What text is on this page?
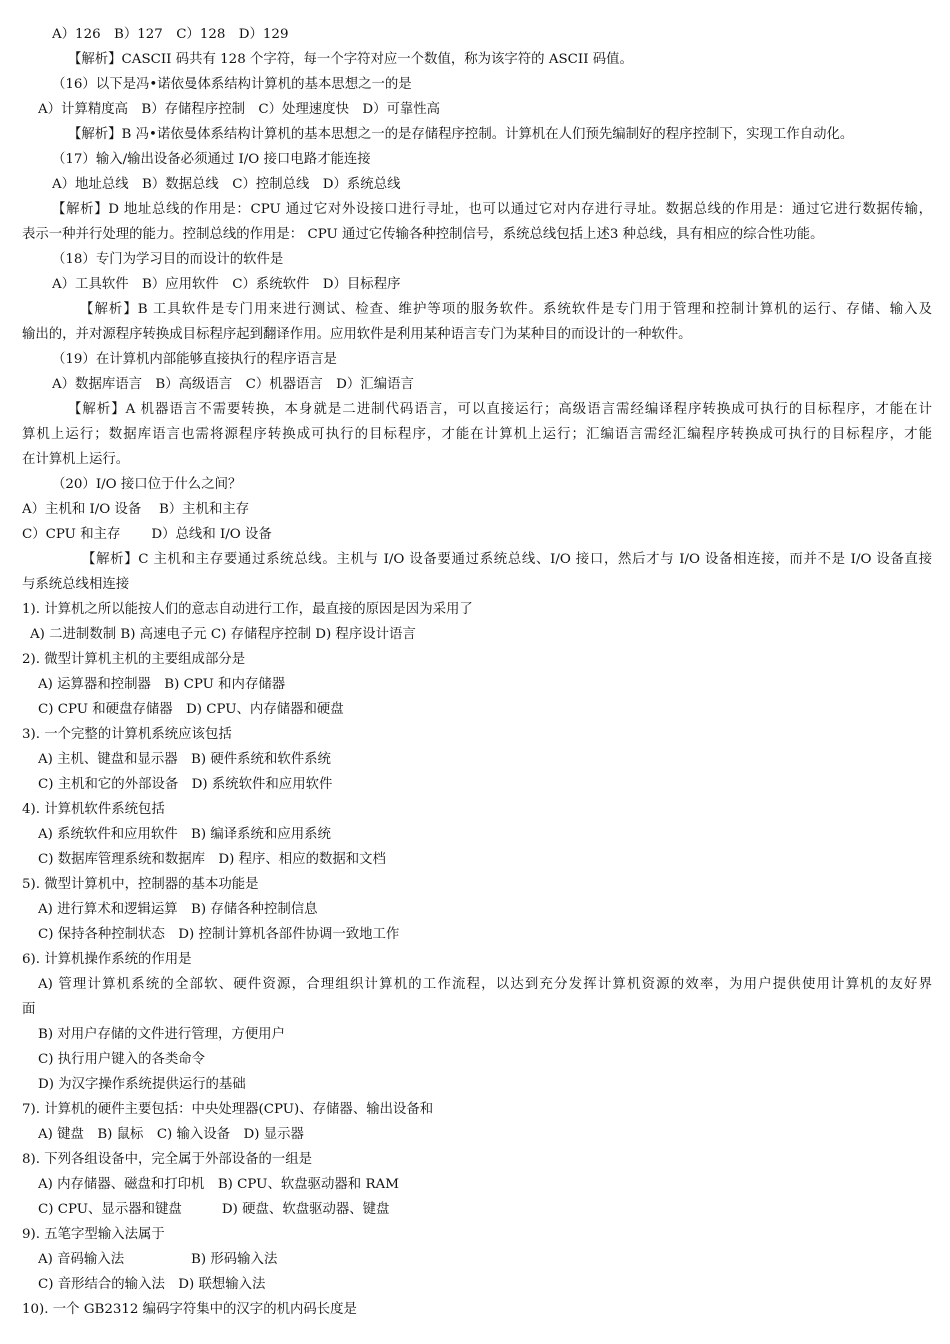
A）126　B）127　C）128　D）129
【解析】CASCII 码共有 128 个字符，每一个字符对应一个数值，称为该字符的 ASCII 码值。
（16）以下是冯•诺依曼体系结构计算机的基本思想之一的是
A）计算精度高　B）存储程序控制　C）处理速度快　D）可靠性高
【解析】B 冯•诺依曼体系结构计算机的基本思想之一的是存储程序控制。计算机在人们预先编制好的程序控制下，实现工作自动化。
（17）输入/输出设备必须通过 I/O 接口电路才能连接
A）地址总线　B）数据总线　C）控制总线　D）系统总线
【解析】D 地址总线的作用是：CPU 通过它对外设接口进行寻址，也可以通过它对内存进行寻址。数据总线的作用是：通过它进行数据传输，
表示一种并行处理的能力。控制总线的作用是： CPU 通过它传输各种控制信号，系统总线包括上述3 种总线，具有相应的综合性功能。
（18）专门为学习目的而设计的软件是
A）工具软件　B）应用软件　C）系统软件　D）目标程序
【解析】B 工具软件是专门用来进行测试、检查、维护等项的服务软件。系统软件是专门用于管理和控制计算机的运行、存储、输入及
输出的，并对源程序转换成目标程序起到翻译作用。应用软件是利用某种语言专门为某种目的而设计的一种软件。
（19）在计算机内部能够直接执行的程序语言是
A）数据库语言　B）高级语言　C）机器语言　D）汇编语言
【解析】A 机器语言不需要转换，本身就是二进制代码语言，可以直接运行；高级语言需经编译程序转换成可执行的目标程序，才能在计
算机上运行；数据库语言也需将源程序转换成可执行的目标程序，才能在计算机上运行；汇编语言需经汇编程序转换成可执行的目标程序，才能
在计算机上运行。
（20）I/O 接口位于什么之间？
A）主机和 I/O 设备　 B）主机和主存
C）CPU 和主存　　 D）总线和 I/O 设备
【解析】C 主机和主存要通过系统总线。主机与 I/O 设备要通过系统总线、I/O 接口，然后才与 I/O 设备相连接，而并不是 I/O 设备直接
与系统总线相连接
1). 计算机之所以能按人们的意志自动进行工作，最直接的原因是因为采用了
A) 二进制数制 B) 高速电子元 C) 存储程序控制 D) 程序设计语言
2). 微型计算机主机的主要组成部分是
A) 运算器和控制器　B) CPU 和内存储器
C) CPU 和硬盘存储器　D) CPU、内存储器和硬盘
3). 一个完整的计算机系统应该包括
A) 主机、键盘和显示器　B) 硬件系统和软件系统
C) 主机和它的外部设备　D) 系统软件和应用软件
4). 计算机软件系统包括
A) 系统软件和应用软件　B) 编译系统和应用系统
C) 数据库管理系统和数据库　D) 程序、相应的数据和文档
5). 微型计算机中，控制器的基本功能是
A) 进行算术和逻辑运算　B) 存储各种控制信息
C) 保持各种控制状态　D) 控制计算机各部件协调一致地工作
6). 计算机操作系统的作用是
A) 管理计算机系统的全部软、硬件资源，合理组织计算机的工作流程，以达到充分发挥计算机资源的效率，为用户提供使用计算机的友好界
面
B) 对用户存储的文件进行管理，方便用户
C) 执行用户键入的各类命令
D) 为汉字操作系统提供运行的基础
7). 计算机的硬件主要包括：中央处理器(CPU)、存储器、输出设备和
A) 键盘　B) 鼠标　C) 输入设备　D) 显示器
8). 下列各组设备中，完全属于外部设备的一组是
A) 内存储器、磁盘和打印机　B) CPU、软盘驱动器和 RAM
C) CPU、显示器和键盘　　　D) 硬盘、软盘驱动器、键盘
9). 五笔字型输入法属于
A) 音码输入法　　　　　B) 形码输入法
C) 音形结合的输入法　D) 联想输入法
10). 一个 GB2312 编码字符集中的汉字的机内码长度是
